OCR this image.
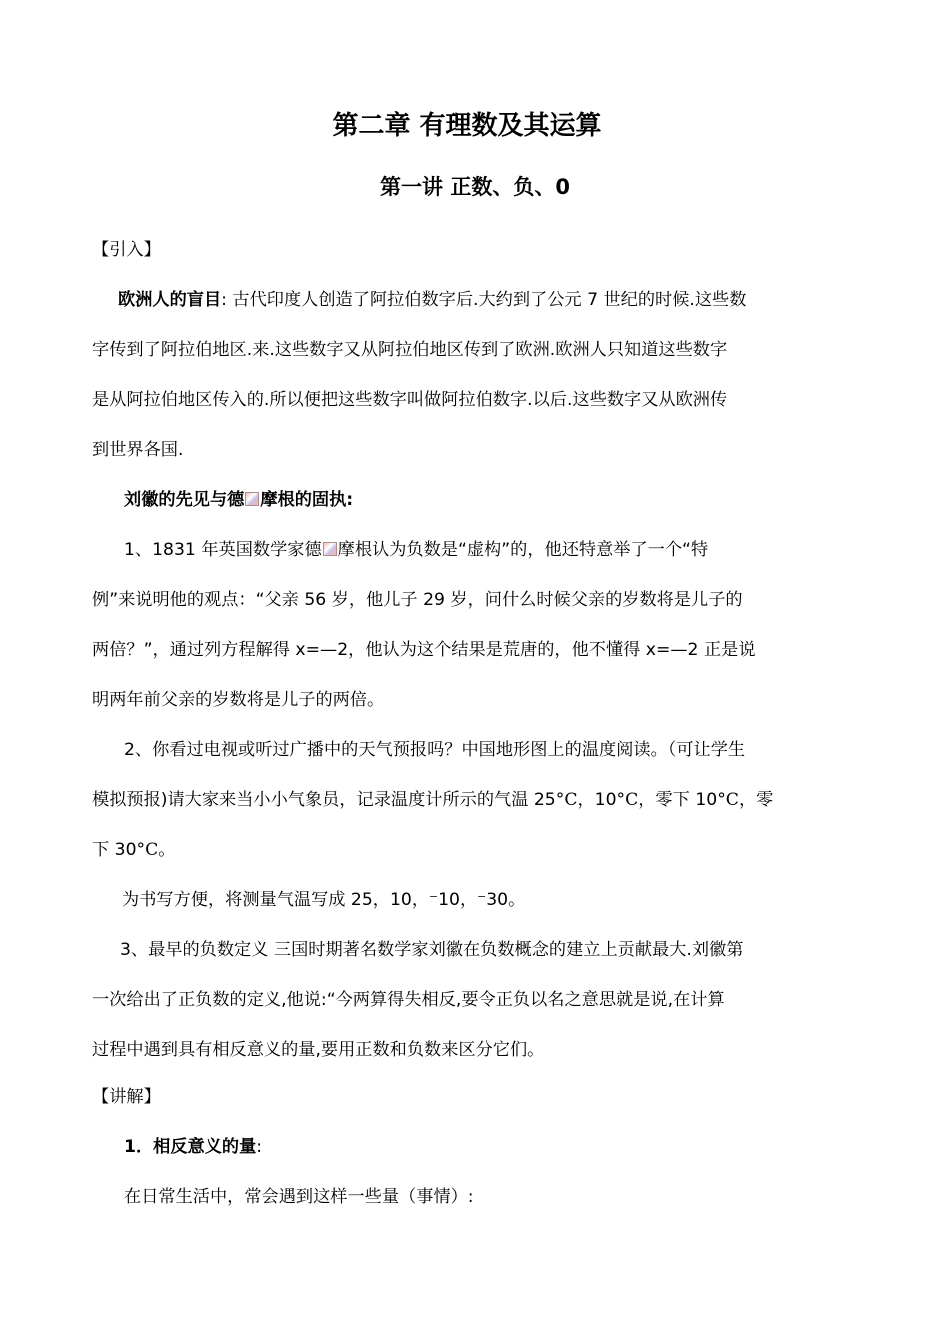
第二章 有理数及其运算
第一讲 正数、负、0
【引入】
欧洲人的盲目: 古代印度人创造了阿拉伯数字后.大约到了公元 7 世纪的时候.这些数
字传到了阿拉伯地区.来.这些数字又从阿拉伯地区传到了欧洲.欧洲人只知道这些数字
是从阿拉伯地区传入的.所以便把这些数字叫做阿拉伯数字.以后.这些数字又从欧洲传
到世界各国.
刘徽的先见与德 摩根的固执:
1、1831 年英国数学家德 摩根认为负数是“虚构”的，他还特意举了一个“特
例”来说明他的观点：“父亲 56 岁，他儿子 29 岁，问什么时候父亲的岁数将是儿子的
两倍？”，通过列方程解得 x=—2，他认为这个结果是荒唐的，他不懂得 x=—2 正是说
明两年前父亲的岁数将是儿子的两倍。
2、你看过电视或听过广播中的天气预报吗？中国地形图上的温度阅读。（可让学生
模拟预报)请大家来当小小气象员，记录温度计所示的气温 25°C，10°C，零下 10°C，零
下 30°C。
为书写方便，将测量气温写成 25，10，⁻10，⁻30。
3、最早的负数定义 三国时期著名数学家刘徽在负数概念的建立上贡献最大.刘徽第
一次给出了正负数的定义,他说:“今两算得失相反,要令正负以名之意思就是说,在计算
过程中遇到具有相反意义的量,要用正数和负数来区分它们。
【讲解】
1．相反意义的量:
在日常生活中，常会遇到这样一些量（事情）:
